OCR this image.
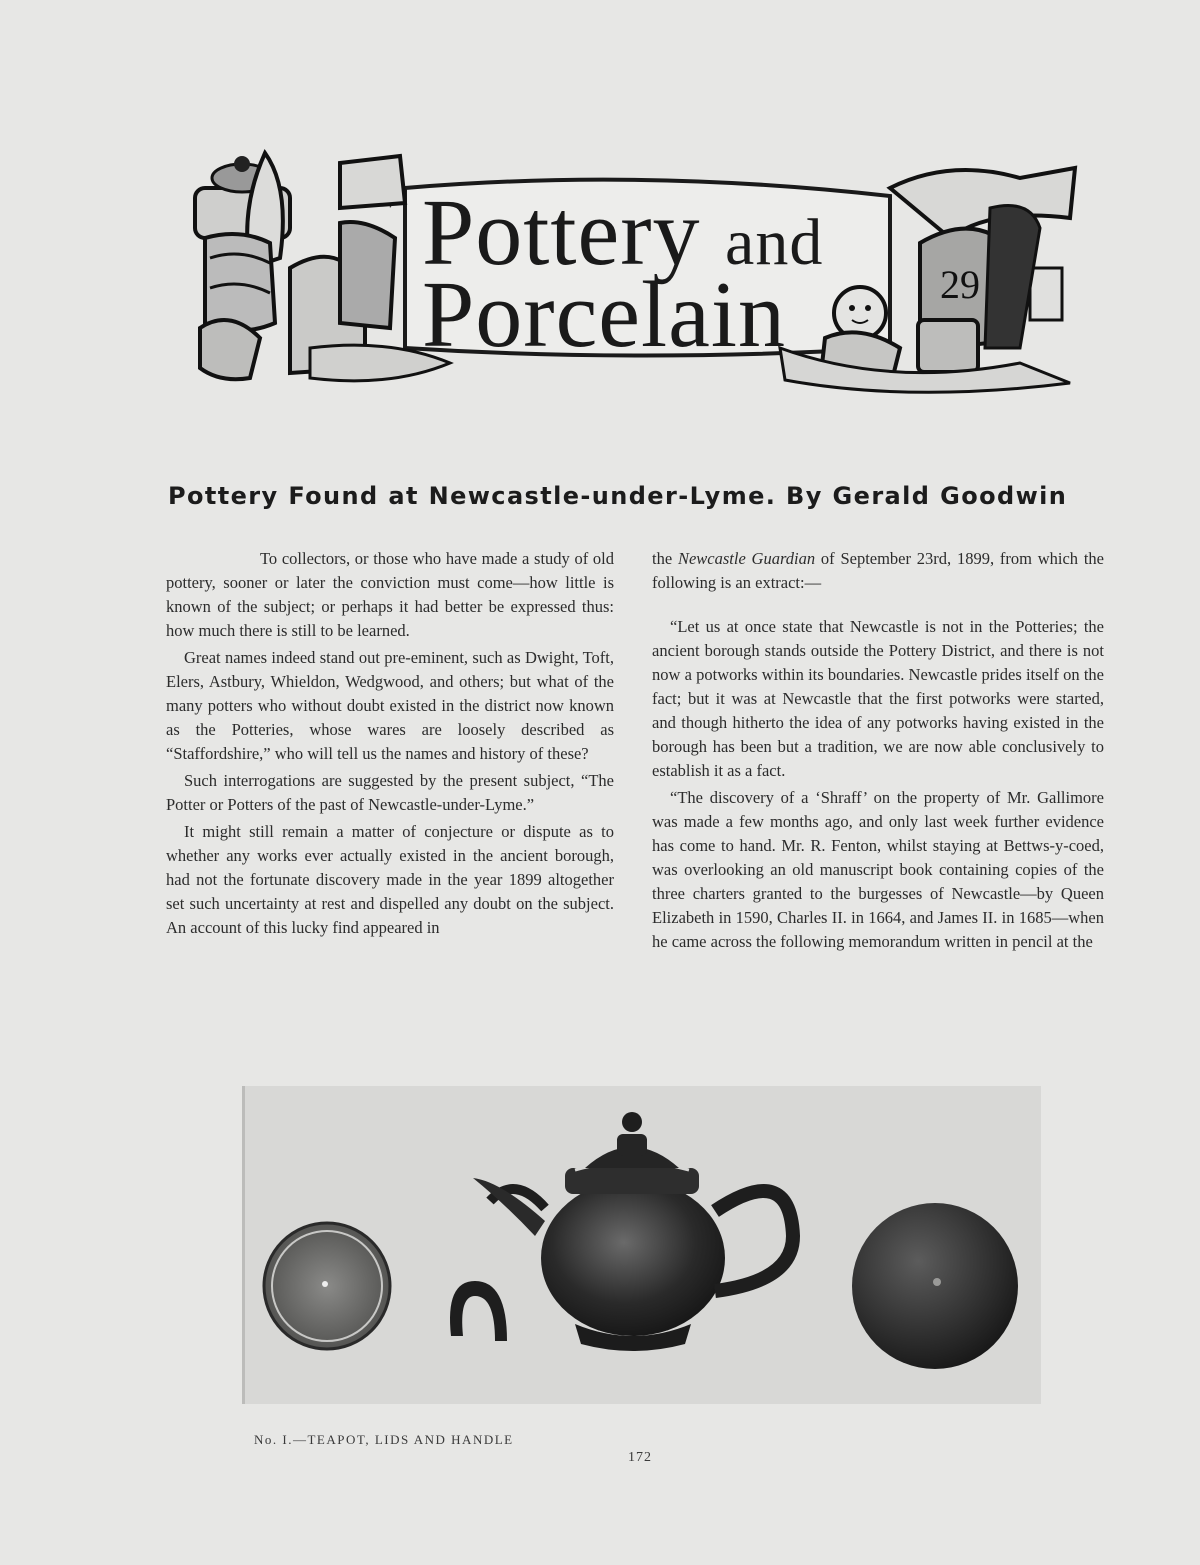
29
Pottery and
Porcelain
Pottery Found at Newcastle-under-Lyme. By Gerald Goodwin

To collectors, or those who have made a study of old pottery, sooner or later the conviction must come—how little is known of the subject; or perhaps it had better be expressed thus: how much there is still to be learned.

Great names indeed stand out pre-eminent, such as Dwight, Toft, Elers, Astbury, Whieldon, Wedgwood, and others; but what of the many potters who without doubt existed in the district now known as the Potteries, whose wares are loosely described as “Staffordshire,” who will tell us the names and history of these?

Such interrogations are suggested by the present subject, “The Potter or Potters of the past of Newcastle-under-Lyme.”

It might still remain a matter of conjecture or dispute as to whether any works ever actually existed in the ancient borough, had not the fortunate discovery made in the year 1899 altogether set such uncertainty at rest and dispelled any doubt on the subject. An account of this lucky find appeared in

the Newcastle Guardian of September 23rd, 1899, from which the following is an extract:—

“Let us at once state that Newcastle is not in the Potteries; the ancient borough stands outside the Pottery District, and there is not now a potworks within its boundaries. Newcastle prides itself on the fact; but it was at Newcastle that the first potworks were started, and though hitherto the idea of any potworks having existed in the borough has been but a tradition, we are now able conclusively to establish it as a fact.

“The discovery of a ‘Shraff’ on the property of Mr. Gallimore was made a few months ago, and only last week further evidence has come to hand. Mr. R. Fenton, whilst staying at Bettws-y-coed, was overlooking an old manuscript book containing copies of the three charters granted to the burgesses of Newcastle—by Queen Elizabeth in 1590, Charles II. in 1664, and James II. in 1685—when he came across the following memorandum written in pencil at the

No. I.—TEAPOT, LIDS AND HANDLE
172
